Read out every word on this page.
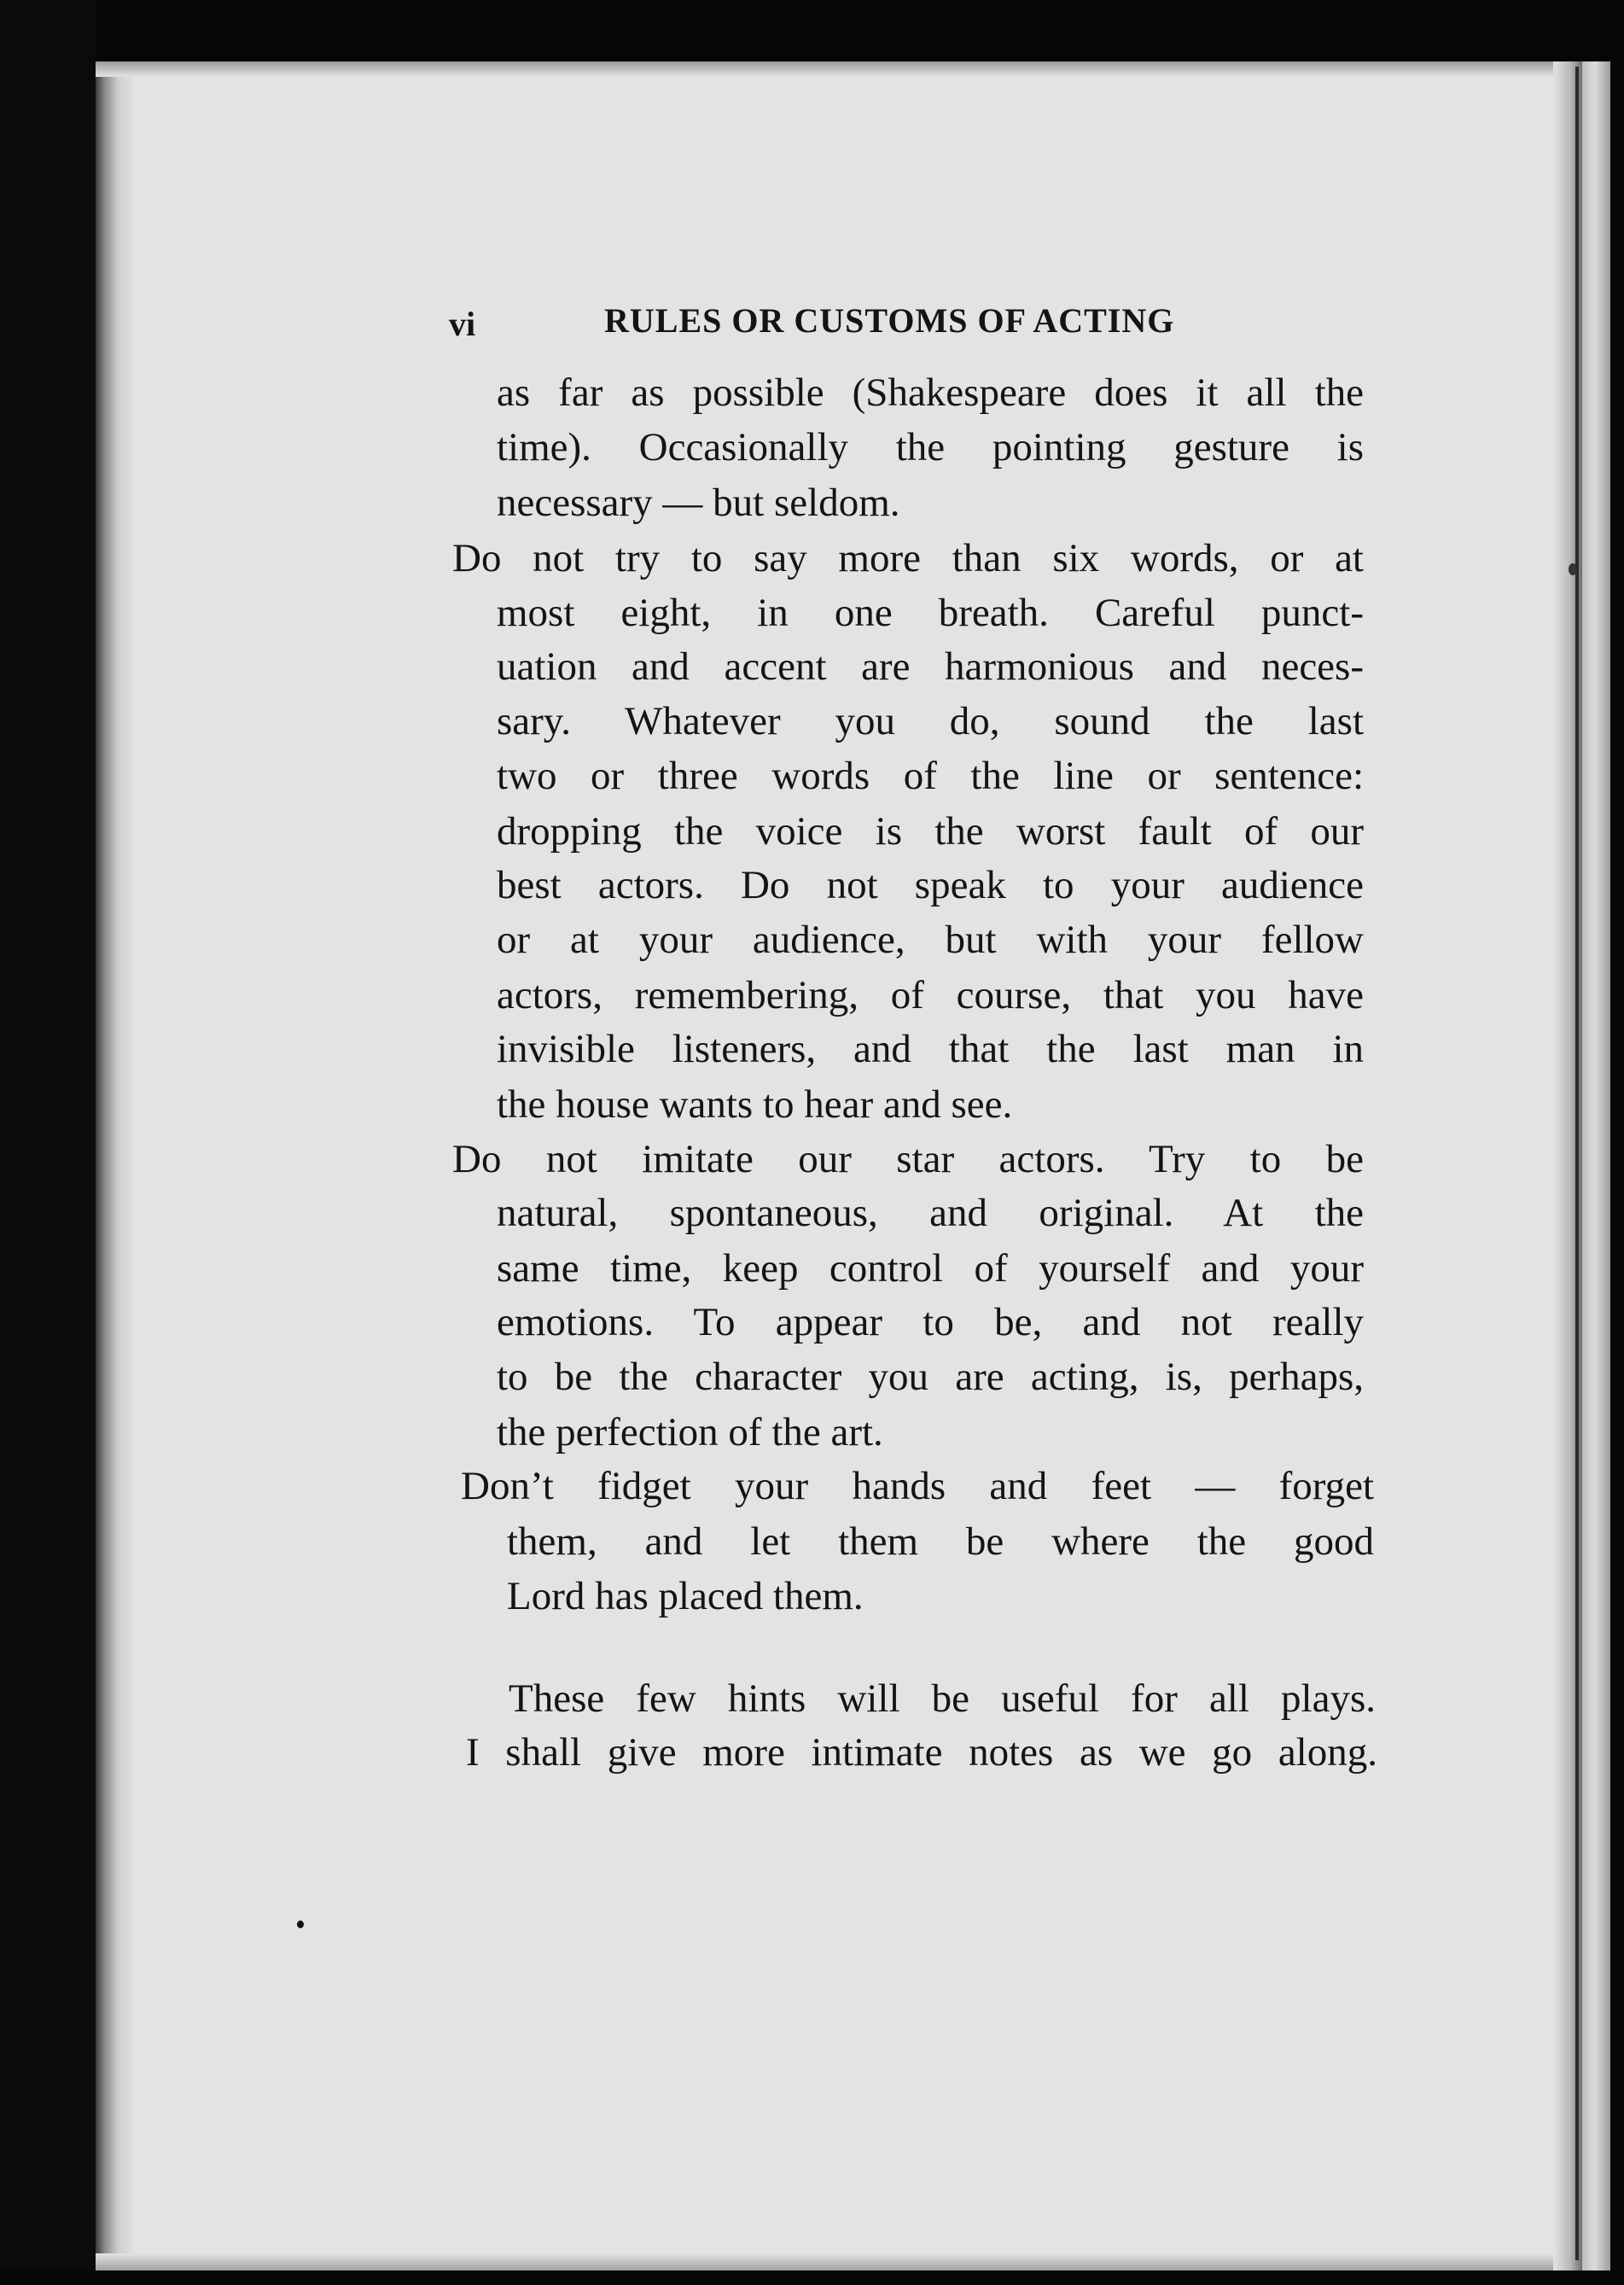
vi	RULES OR CUSTOMS OF ACTING
as far as possible (Shakespeare does it all the
time). Occasionally the pointing gesture is
necessary — but seldom.
Do not try to say more than six words, or at
most eight, in one breath. Careful punct-
uation and accent are harmonious and neces-
sary. Whatever you do, sound the last
two or three words of the line or sentence:
dropping the voice is the worst fault of our
best actors. Do not speak to your audience
or at your audience, but with your fellow
actors, remembering, of course, that you have
invisible listeners, and that the last man in
the house wants to hear and see.
Do not imitate our star actors. Try to be
natural, spontaneous, and original. At the
same time, keep control of yourself and your
emotions. To appear to be, and not really
to be the character you are acting, is, perhaps,
the perfection of the art.
Don’t fidget your hands and feet — forget
them, and let them be where the good
Lord has placed them.
These few hints will be useful for all plays.
I shall give more intimate notes as we go along.
